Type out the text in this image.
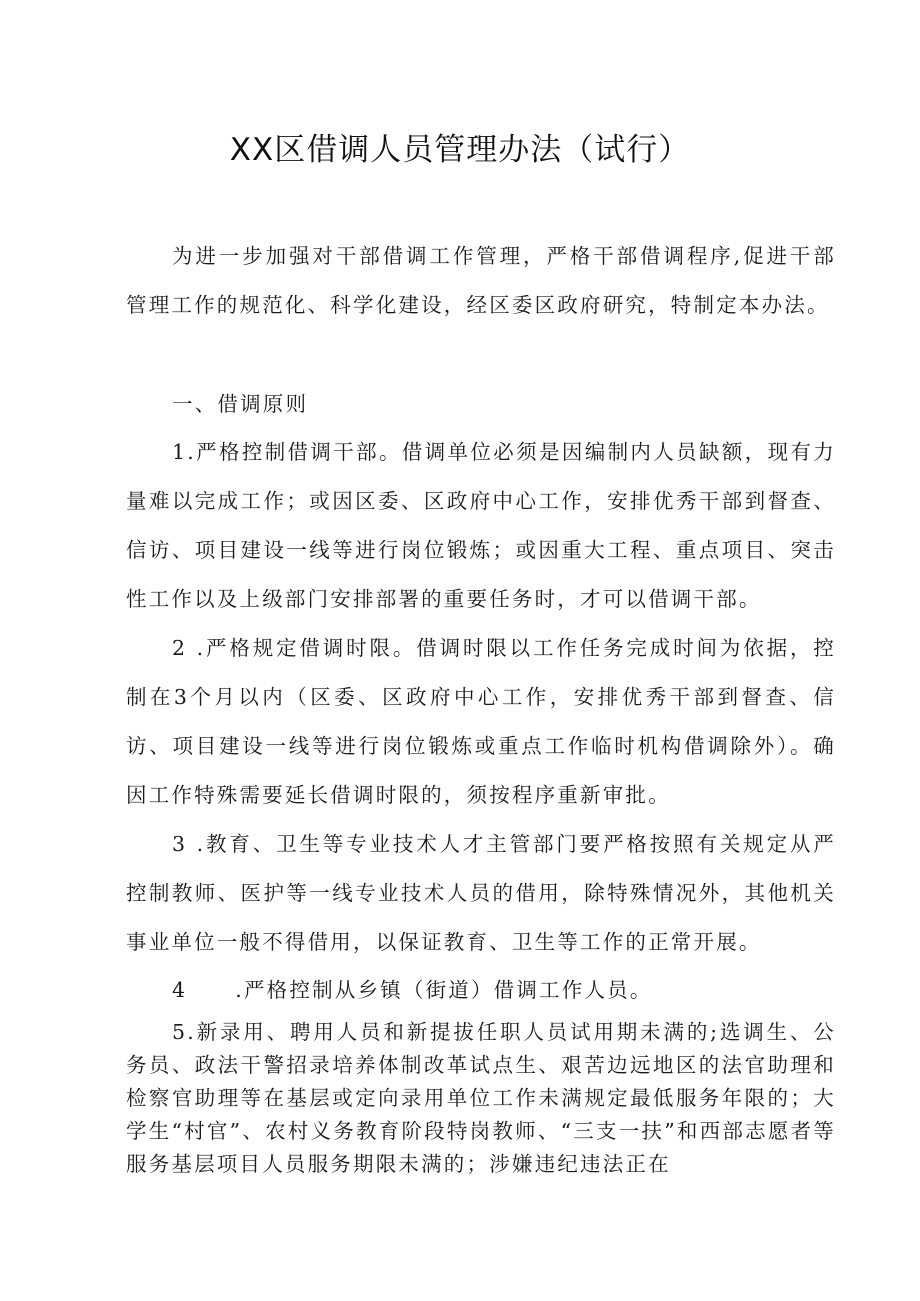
XX区借调人员管理办法（试行）

为进一步加强对干部借调工作管理，严格干部借调程序,促进干部管理工作的规范化、科学化建设，经区委区政府研究，特制定本办法。

一、借调原则

1.严格控制借调干部。借调单位必须是因编制内人员缺额，现有力量难以完成工作；或因区委、区政府中心工作，安排优秀干部到督查、信访、项目建设一线等进行岗位锻炼；或因重大工程、重点项目、突击性工作以及上级部门安排部署的重要任务时，才可以借调干部。

2 .严格规定借调时限。借调时限以工作任务完成时间为依据，控制在3个月以内（区委、区政府中心工作，安排优秀干部到督查、信访、项目建设一线等进行岗位锻炼或重点工作临时机构借调除外）。确因工作特殊需要延长借调时限的，须按程序重新审批。

3 .教育、卫生等专业技术人才主管部门要严格按照有关规定从严控制教师、医护等一线专业技术人员的借用，除特殊情况外，其他机关事业单位一般不得借用，以保证教育、卫生等工作的正常开展。

4 .严格控制从乡镇（街道）借调工作人员。

5.新录用、聘用人员和新提拔任职人员试用期未满的;选调生、公务员、政法干警招录培养体制改革试点生、艰苦边远地区的法官助理和检察官助理等在基层或定向录用单位工作未满规定最低服务年限的；大学生“村官”、农村义务教育阶段特岗教师、“三支一扶”和西部志愿者等服务基层项目人员服务期限未满的；涉嫌违纪违法正在
